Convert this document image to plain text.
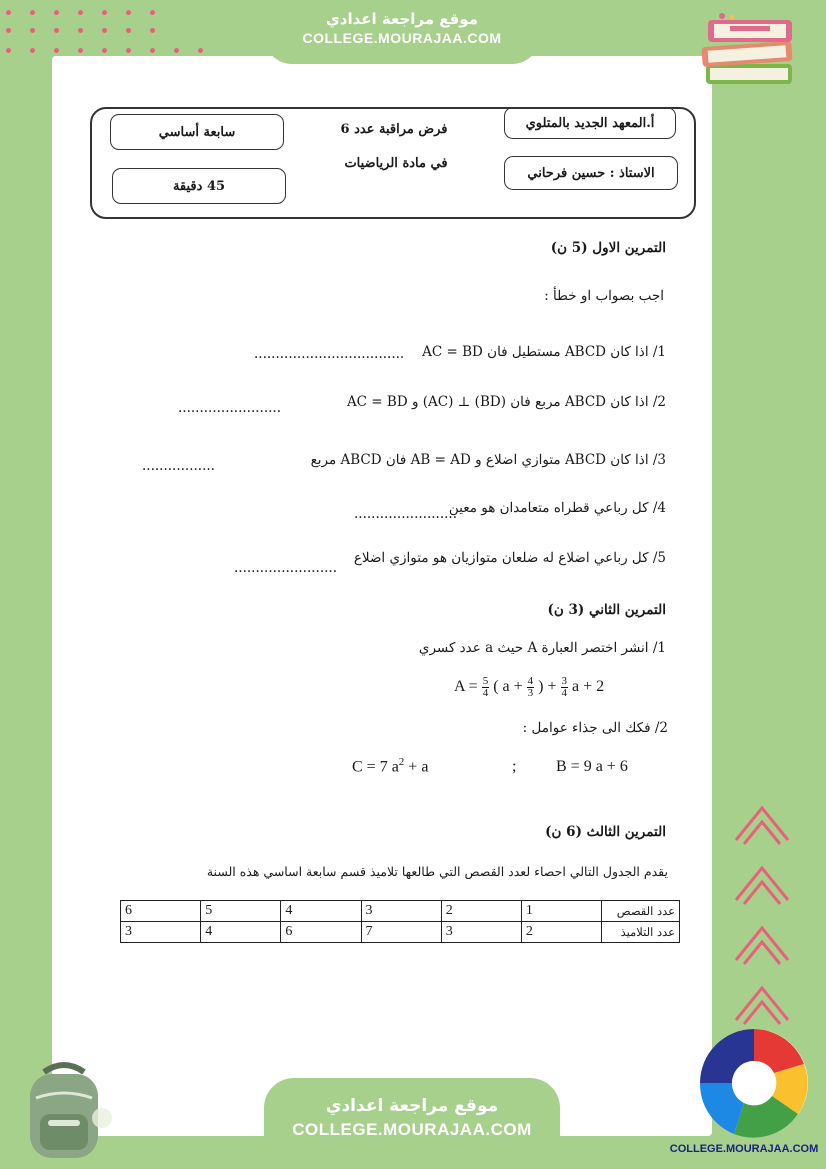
موقع مراجعة اعدادي
COLLEGE.MOURAJAA.COM
أ.المعهد الجديد بالمتلوي
الاستاذ : حسين فرحاني
فرض مراقبة عدد 6
في مادة الرياضيات
سابعة أساسي
45 دقيقة
التمرين الاول (5 ن)
اجب بصواب او خطأ :
1/ اذا كان ABCD مستطيل فان AC = BD
...................................
2/ اذا كان ABCD مربع فان (BD) ⊥ (AC) و AC = BD
........................
3/ اذا كان ABCD متوازي اضلاع و AB = AD فان ABCD مربع
.................
4/ كل رباعي قطراه متعامدان هو معين
........................
5/ كل رباعي اضلاع له ضلعان متوازيان هو متوازي اضلاع
........................
التمرين الثاني (3 ن)
1/ انشر اختصر العبارة A حيث a عدد كسري
$A = \frac{5}{4}$ ( $a + \frac{4}{3}$ ) + $\frac{3}{4}$ a + 2
2/ فكك الى جذاء عوامل :
B = 9 a + 6
;
C = 7 $a^2 + a$
التمرين الثالث (6 ن)
يقدم الجدول التالي احصاء لعدد القصص التي طالعها تلاميذ قسم سابعة اساسي هذه السنة
عدد القصص	1	2	3	4	5	6
عدد التلاميذ	2	3	7	6	4	3
موقع مراجعة اعدادي
COLLEGE.MOURAJAA.COM
COLLEGE.MOURAJAA.COM
